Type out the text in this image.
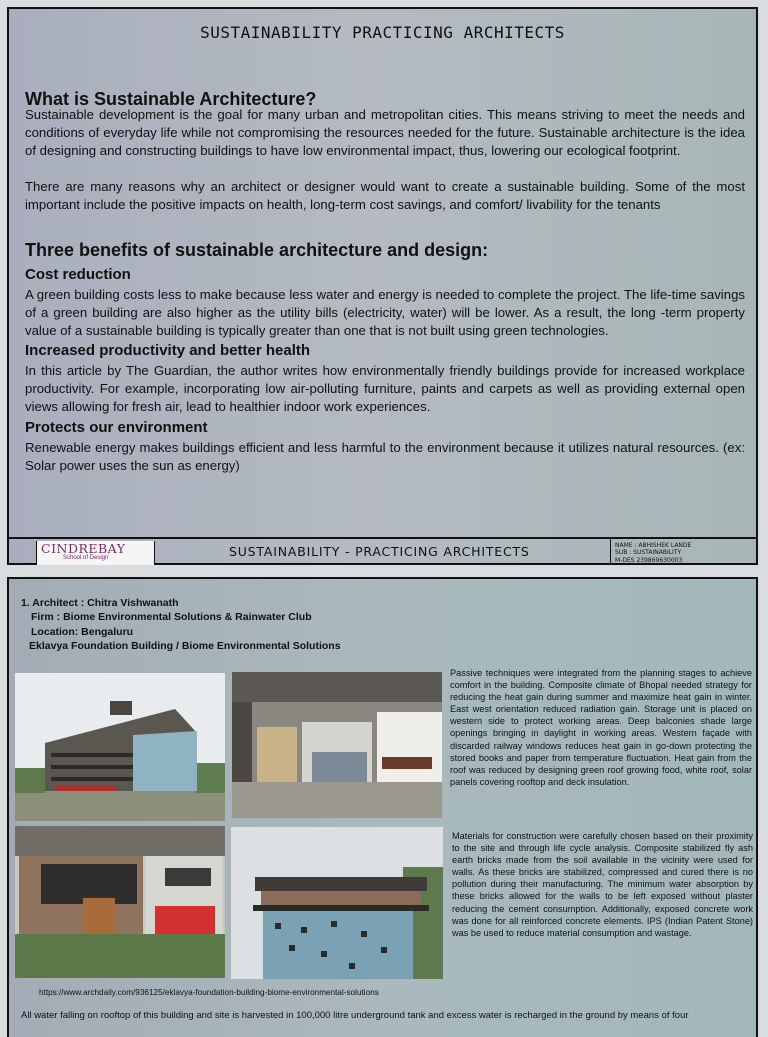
SUSTAINABILITY PRACTICING ARCHITECTS
What is Sustainable Architecture?

Sustainable development is the goal for many urban and metropolitan cities. This means striving to meet the needs and conditions of everyday life while not compromising the resources needed for the future. Sustainable architecture is the idea of designing and constructing buildings to have low environmental impact, thus, lowering our ecological footprint.

There are many reasons why an architect or designer would want to create a sustainable building. Some of the most important include the positive impacts on health, long-term cost savings, and comfort/ livability for the tenants

Three benefits of sustainable architecture and design:
Cost reduction

A green building costs less to make because less water and energy is needed to complete the project. The life-time savings of a green building are also higher as the utility bills (electricity, water) will be lower. As a result, the long -term property value of a sustainable building is typically greater than one that is not built using green technologies.

Increased productivity and better health

In this article by The Guardian, the author writes how environmentally friendly buildings provide for increased workplace productivity. For example, incorporating low air-polluting furniture, paints and carpets as well as providing external open views allowing for fresh air, lead to healthier indoor work experiences.

Protects our environment

Renewable energy makes buildings efficient and less harmful to the environment because it utilizes natural resources. (ex: Solar power uses the sun as energy)

CINDREBAY
School of Design	SUSTAINABILITY - PRACTICING ARCHITECTS	NAME : ABHISHEK LANDE
SUB : SUSTAINABILITY
M-DES 239869630003

1. Architect : Chitra Vishwanath

Firm : Biome Environmental Solutions & Rainwater Club

Location: Bengaluru

Eklavya Foundation Building / Biome Environmental Solutions

Passive techniques were integrated from the planning stages to achieve comfort in the building. Composite climate of Bhopal needed strategy for reducing the heat gain during summer and maximize heat gain in winter. East west orientation reduced radiation gain. Storage unit is placed on western side to protect working areas. Deep balconies shade large openings bringing in daylight in working areas. Western façade with discarded railway windows reduces heat gain in go-down protecting the stored books and paper from temperature fluctuation. Heat gain from the roof was reduced by designing green roof growing food, white roof, solar panels covering rooftop and deck insulation.

Materials for construction were carefully chosen based on their proximity to the site and through life cycle analysis. Composite stabilized fly ash earth bricks made from the soil available in the vicinity were used for walls. As these bricks are stabilized, compressed and cured there is no pollution during their manufacturing. The minimum water absorption by these bricks allowed for the walls to be left exposed without plaster reducing the cement consumption. Additionally, exposed concrete work was done for all reinforced concrete elements. IPS (Indian Patent Stone) was be used to reduce material consumption and wastage.

https://www.archdaily.com/936125/eklavya-foundation-building-biome-environmental-solutions

All water falling on rooftop of this building and site is harvested in 100,000 litre underground tank and excess water is recharged in the ground by means of four
